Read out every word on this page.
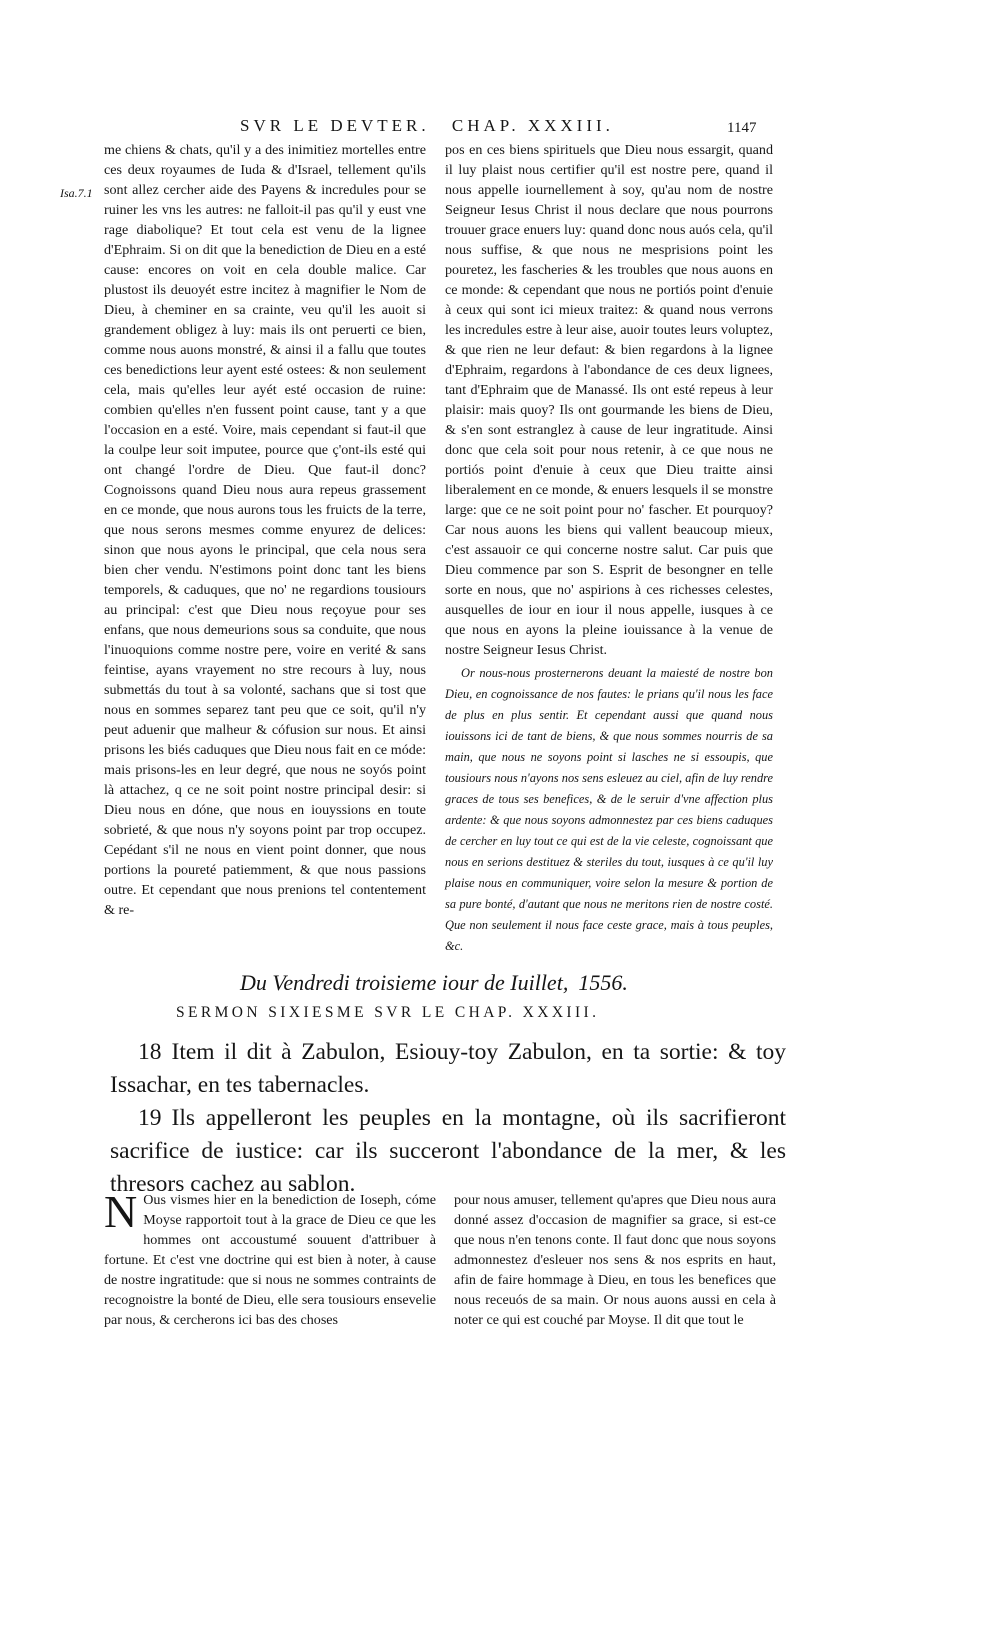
SVR LE DEVTER. CHAP. XXXIII.	1147
Isa.7.1

me chiens & chats, qu'il y a des inimitiez mortelles entre ces deux royaumes de Iuda & d'Israel, tellement qu'ils sont allez cercher aide des Payens & incredules pour se ruiner les vns les autres: ne falloit-il pas qu'il y eust vne rage diabolique? Et tout cela est venu de la lignee d'Ephraim. Si on dit que la benediction de Dieu en a esté cause: encores on voit en cela double malice. Car plustost ils deuoyét estre incitez à magnifier le Nom de Dieu, à cheminer en sa crainte, veu qu'il les auoit si grandement obligez à luy: mais ils ont peruerti ce bien, comme nous auons monstré, & ainsi il a fallu que toutes ces benedictions leur ayent esté ostees: & non seulement cela, mais qu'elles leur ayét esté occasion de ruine: combien qu'elles n'en fussent point cause, tant y a que l'occasion en a esté. Voire, mais cependant si faut-il que la coulpe leur soit imputee, pource que ç'ont-ils esté qui ont changé l'ordre de Dieu. Que faut-il donc? Cognoissons quand Dieu nous aura repeus grassement en ce monde, que nous aurons tous les fruicts de la terre, que nous serons mesmes comme enyurez de delices: sinon que nous ayons le principal, que cela nous sera bien cher vendu. N'estimons point donc tant les biens temporels, & caduques, que no' ne regardions tousiours au principal: c'est que Dieu nous reçoyue pour ses enfans, que nous demeurions sous sa conduite, que nous l'inuoquions comme nostre pere, voire en verité & sans feintise, ayans vrayement no stre recours à luy, nous submettás du tout à sa volonté, sachans que si tost que nous en sommes separez tant peu que ce soit, qu'il n'y peut aduenir que malheur & cófusion sur nous. Et ainsi prisons les biés caduques que Dieu nous fait en ce móde: mais prisons-les en leur degré, que nous ne soyós point là attachez, q ce ne soit point nostre principal desir: si Dieu nous en dóne, que nous en iouyssions en toute sobrieté, & que nous n'y soyons point par trop occupez. Cepédant s'il ne nous en vient point donner, que nous portions la poureté patiemment, & que nous passions outre. Et cependant que nous prenions tel contentement & re-

pos en ces biens spirituels que Dieu nous essargit, quand il luy plaist nous certifier qu'il est nostre pere, quand il nous appelle iournellement à soy, qu'au nom de nostre Seigneur Iesus Christ il nous declare que nous pourrons trouuer grace enuers luy: quand donc nous auós cela, qu'il nous suffise, & que nous ne mesprisions point les pouretez, les fascheries & les troubles que nous auons en ce monde: & cependant que nous ne portiós point d'enuie à ceux qui sont ici mieux traitez: & quand nous verrons les incredules estre à leur aise, auoir toutes leurs voluptez, & que rien ne leur defaut: & bien regardons à la lignee d'Ephraim, regardons à l'abondance de ces deux lignees, tant d'Ephraim que de Manassé. Ils ont esté repeus à leur plaisir: mais quoy? Ils ont gourmande les biens de Dieu, & s'en sont estranglez à cause de leur ingratitude. Ainsi donc que cela soit pour nous retenir, à ce que nous ne portiós point d'enuie à ceux que Dieu traitte ainsi liberalement en ce monde, & enuers lesquels il se monstre large: que ce ne soit point pour no' fascher. Et pourquoy? Car nous auons les biens qui vallent beaucoup mieux, c'est assauoir ce qui concerne nostre salut. Car puis que Dieu commence par son S. Esprit de besongner en telle sorte en nous, que no' aspirions à ces richesses celestes, ausquelles de iour en iour il nous appelle, iusques à ce que nous en ayons la pleine iouissance à la venue de nostre Seigneur Iesus Christ.

Or nous-nous prosternerons deuant la maiesté de nostre bon Dieu, en cognoissance de nos fautes: le prians qu'il nous les face de plus en plus sentir. Et cependant aussi que quand nous iouissons ici de tant de biens, & que nous sommes nourris de sa main, que nous ne soyons point si lasches ne si essoupis, que tousiours nous n'ayons nos sens esleuez au ciel, afin de luy rendre graces de tous ses benefices, & de le seruir d'vne affection plus ardente: & que nous soyons admonnestez par ces biens caduques de cercher en luy tout ce qui est de la vie celeste, cognoissant que nous en serions destituez & steriles du tout, iusques à ce qu'il luy plaise nous en communiquer, voire selon la mesure & portion de sa pure bonté, d'autant que nous ne meritons rien de nostre costé. Que non seulement il nous face ceste grace, mais à tous peuples, &c.

Du Vendredi troisieme iour de Iuillet, 1556.
SERMON SIXIESME SVR LE CHAP. XXXIII.

18 Item il dit à Zabulon, Esiouy-toy Zabulon, en ta sortie: & toy Issachar, en tes tabernacles.

19 Ils appelleront les peuples en la montagne, où ils sacrifieront sacrifice de iustice: car ils succeront l'abondance de la mer, & les thresors cachez au sablon.

N Ous vismes hier en la benediction de Ioseph, cóme Moyse rapportoit tout à la grace de Dieu ce que les hommes ont accoustumé souuent d'attribuer à fortune. Et c'est vne doctrine qui est bien à noter, à cause de nostre ingratitude: que si nous ne sommes contraints de recognoistre la bonté de Dieu, elle sera tousiours ensevelie par nous, & cercherons ici bas des choses
pour nous amuser, tellement qu'apres que Dieu nous aura donné assez d'occasion de magnifier sa grace, si est-ce que nous n'en tenons conte. Il faut donc que nous soyons admonnestez d'esleuer nos sens & nos esprits en haut, afin de faire hommage à Dieu, en tous les benefices que nous receuós de sa main. Or nous auons aussi en cela à noter ce qui est couché par Moyse. Il dit que tout le
